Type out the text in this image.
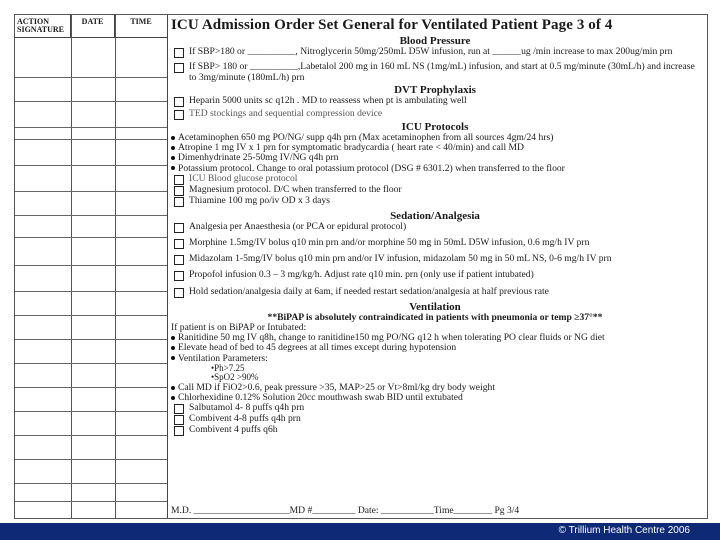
ACTION SIGNATURE
DATE	TIME	ICU Admission Order Set General for Ventilated Patient Page 3 of 4
Blood Pressure
If SBP>180 or __________, Nitroglycerin 50mg/250mL D5W infusion, run at ______ug /min increase to max 200ug/min prn
If SBP> 180 or __________,Labetalol 200 mg in 160 mL NS (1mg/mL) infusion, and start at 0.5 mg/minute (30mL/h) and increase to 3mg/minute (180mL/h) prn
DVT Prophylaxis
Heparin 5000 units sc q12h . MD to reassess when pt is ambulating well
TED stockings and sequential compression device
ICU Protocols
Acetaminophen 650 mg PO/NG/ supp q4h prn (Max acetaminophen from all sources 4gm/24 hrs)
Atropine 1 mg IV x 1 prn for symptomatic bradycardia ( heart rate < 40/min) and call MD
Dimenhydrinate 25-50mg IV/NG q4h prn
Potassium protocol. Change to oral potassium protocol (DSG # 6301.2) when transferred to the floor
ICU Blood glucose protocol
Magnesium protocol. D/C when transferred to the floor
Thiamine 100 mg po/iv OD x 3 days
Sedation/Analgesia
Analgesia per Anaesthesia (or PCA or epidural protocol)
Morphine 1.5mg/IV bolus q10 min prn and/or morphine 50 mg in 50mL D5W infusion, 0.6 mg/h IV prn
Midazolam 1-5mg/IV bolus q10 min prn and/or IV infusion, midazolam 50 mg in 50 mL NS, 0-6 mg/h IV prn
Propofol infusion 0.3 – 3 mg/kg/h. Adjust rate q10 min. prn (only use if patient intubated)
Hold sedation/analgesia daily at 6am, if needed restart sedation/analgesia at half previous rate
Ventilation
**BiPAP is absolutely contraindicated in patients with pneumonia or temp ≥37°**
If patient is on BiPAP or Intubated:
Ranitidine 50 mg IV q8h, change to ranitidine150 mg PO/NG q12 h when tolerating PO clear fluids or NG diet
Elevate head of bed to 45 degrees at all times except during hypotension
Ventilation Parameters:
•Ph>7.25
•SpO2 >90%
Call MD if FiO2>0.6, peak pressure >35, MAP>25 or Vt>8ml/kg dry body weight
Chlorhexidine 0.12% Solution 20cc mouthwash swab BID until extubated
Salbutamol 4- 8 puffs q4h prn
Combivent 4-8 puffs q4h prn
Combivent 4 puffs q6h
M.D. ____________________MD #_________ Date: ___________Time________ Pg 3/4
© Trillium Health Centre 2006
